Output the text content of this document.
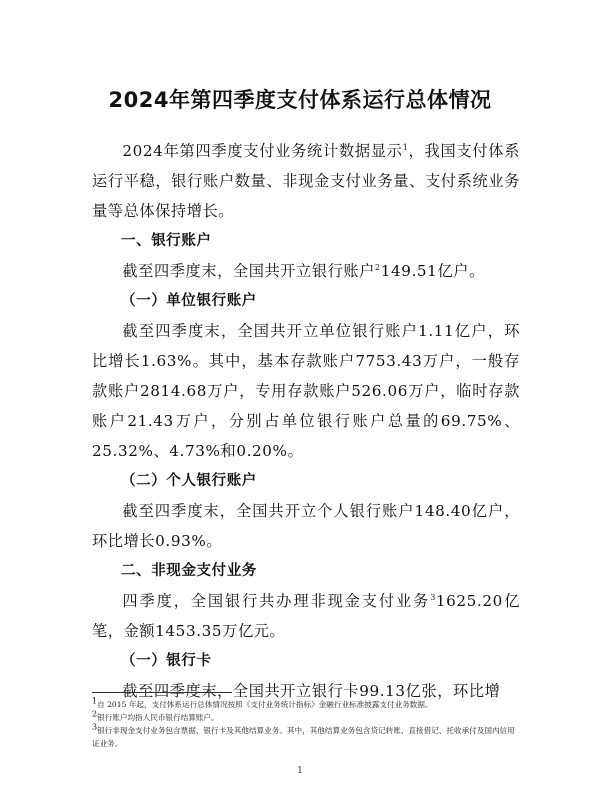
2024年第四季度支付体系运行总体情况

2024年第四季度支付业务统计数据显示$^1$，我国支付体系运行平稳，银行账户数量、非现金支付业务量、支付系统业务量等总体保持增长。

一、银行账户

截至四季度末，全国共开立银行账户$^2$149.51亿户。

（一）单位银行账户

截至四季度末，全国共开立单位银行账户1.11亿户，环比增长1.63%。其中，基本存款账户7753.43万户，一般存款账户2814.68万户，专用存款账户526.06万户，临时存款账户21.43万户，分别占单位银行账户总量的69.75%、25.32%、4.73%和0.20%。

（二）个人银行账户

截至四季度末，全国共开立个人银行账户148.40亿户，环比增长0.93%。

二、非现金支付业务

四季度，全国银行共办理非现金支付业务$^3$1625.20亿笔，金额1453.35万亿元。

（一）银行卡

截至四季度末，全国共开立银行卡99.13亿张，环比增

$^1$自 2015 年起，支付体系运行总体情况按照《支付业务统计指标》金融行业标准披露支付业务数据。

$^2$银行账户均指人民币银行结算账户。

$^3$银行非现金支付业务包含票据、银行卡及其他结算业务。其中，其他结算业务包含贷记转账、直接借记、托收承付及国内信用证业务。

1
